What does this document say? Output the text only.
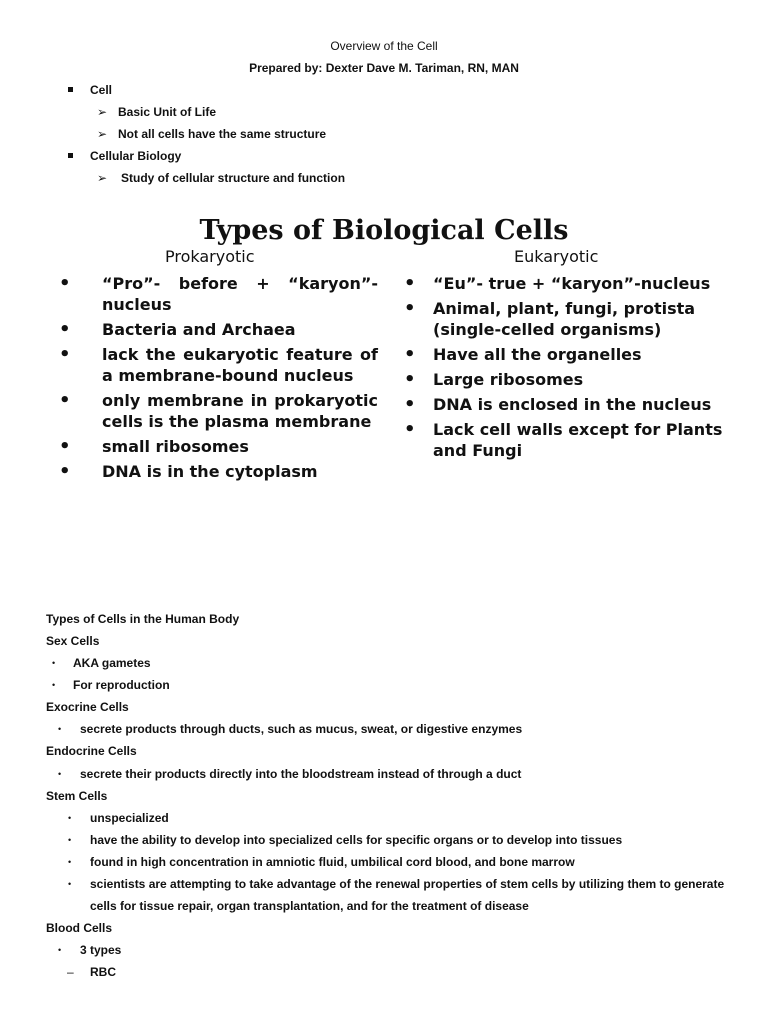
Overview of the Cell
Prepared by: Dexter Dave M. Tariman, RN, MAN
Cell
➢ Basic Unit of Life
➢ Not all cells have the same structure
Cellular Biology
➢ Study of cellular structure and function
Types of Biological Cells
Prokaryotic	Eukaryotic
• “Pro”- before + “karyon”-nucleus
• Bacteria and Archaea
• lack the eukaryotic feature of a membrane-bound nucleus
• only membrane in prokaryotic cells is the plasma membrane
• small ribosomes
• DNA is in the cytoplasm
• “Eu”- true + “karyon”-nucleus
• Animal, plant, fungi, protista (single-celled organisms)
• Have all the organelles
• Large ribosomes
• DNA is enclosed in the nucleus
• Lack cell walls except for Plants and Fungi
Types of Cells in the Human Body
Sex Cells
• AKA gametes
• For reproduction
Exocrine Cells
• secrete products through ducts, such as mucus, sweat, or digestive enzymes
Endocrine Cells
• secrete their products directly into the bloodstream instead of through a duct
Stem Cells
• unspecialized
• have the ability to develop into specialized cells for specific organs or to develop into tissues
• found in high concentration in amniotic fluid, umbilical cord blood, and bone marrow
• scientists are attempting to take advantage of the renewal properties of stem cells by utilizing them to generate
cells for tissue repair, organ transplantation, and for the treatment of disease
Blood Cells
• 3 types
– RBC
